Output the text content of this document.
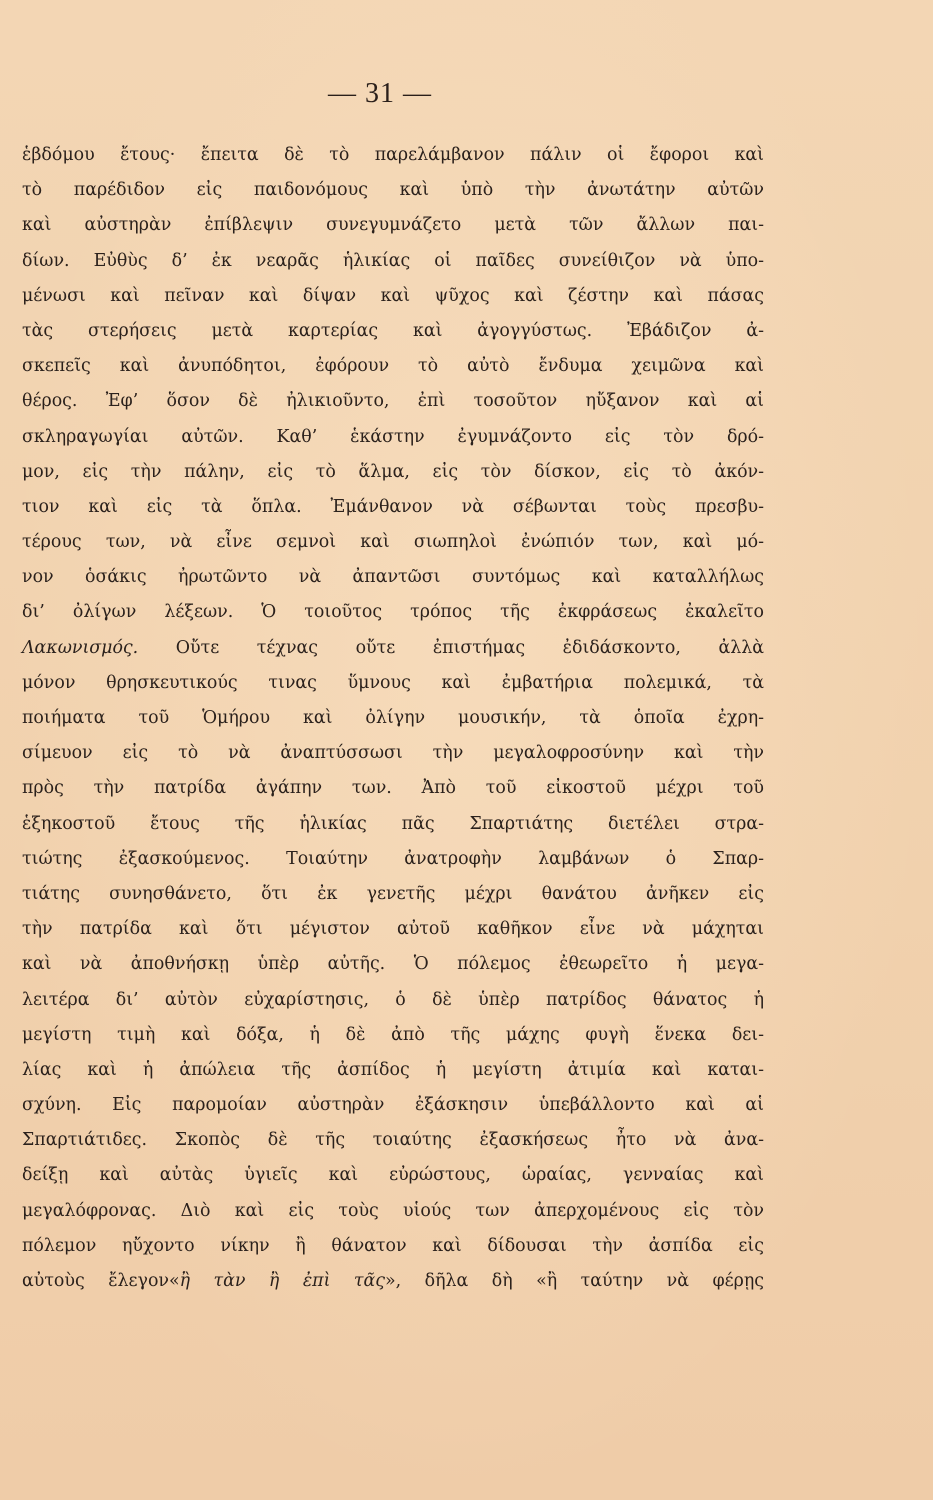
— 31 —
ἑβδόμου ἔτους· ἔπειτα δὲ τὸ παρελάμβανον πάλιν οἱ ἔφοροι καὶ
τὸ παρέδιδον εἰς παιδονόμους καὶ ὑπὸ τὴν ἀνωτάτην αὐτῶν
καὶ αὐστηρὰν ἐπίβλεψιν συνεγυμνάζετο μετὰ τῶν ἄλλων παι-
δίων. Εὐθὺς δ’ ἐκ νεαρᾶς ἡλικίας οἱ παῖδες συνείθιζον νὰ ὑπο-
μένωσι καὶ πεῖναν καὶ δίψαν καὶ ψῦχος καὶ ζέστην καὶ πάσας
τὰς στερήσεις μετὰ καρτερίας καὶ ἀγογγύστως. Ἐβάδιζον ἀ-
σκεπεῖς καὶ ἀνυπόδητοι, ἐφόρουν τὸ αὐτὸ ἔνδυμα χειμῶνα καὶ
θέρος. Ἐφ’ ὅσον δὲ ἠλικιοῦντο, ἐπὶ τοσοῦτον ηὔξανον καὶ αἱ
σκληραγωγίαι αὐτῶν. Καθ’ ἑκάστην ἐγυμνάζοντο εἰς τὸν δρό-
μον, εἰς τὴν πάλην, εἰς τὸ ἅλμα, εἰς τὸν δίσκον, εἰς τὸ ἀκόν-
τιον καὶ εἰς τὰ ὅπλα. Ἐμάνθανον νὰ σέβωνται τοὺς πρεσβυ-
τέρους των, νὰ εἶνε σεμνοὶ καὶ σιωπηλοὶ ἐνώπιόν των, καὶ μό-
νον ὁσάκις ἠρωτῶντο νὰ ἀπαντῶσι συντόμως καὶ καταλλήλως
δι’ ὀλίγων λέξεων. Ὁ τοιοῦτος τρόπος τῆς ἐκφράσεως ἐκαλεῖτο
Λακωνισμός. Οὔτε τέχνας οὔτε ἐπιστήμας ἐδιδάσκοντο, ἀλλὰ
μόνον θρησκευτικούς τινας ὕμνους καὶ ἐμβατήρια πολεμικά, τὰ
ποιήματα τοῦ Ὁμήρου καὶ ὀλίγην μουσικήν, τὰ ὁποῖα ἐχρη-
σίμευον εἰς τὸ νὰ ἀναπτύσσωσι τὴν μεγαλοφροσύνην καὶ τὴν
πρὸς τὴν πατρίδα ἀγάπην των. Ἀπὸ τοῦ εἰκοστοῦ μέχρι τοῦ
ἑξηκοστοῦ ἔτους τῆς ἡλικίας πᾶς Σπαρτιάτης διετέλει στρα-
τιώτης ἐξασκούμενος. Τοιαύτην ἀνατροφὴν λαμβάνων ὁ Σπαρ-
τιάτης συνησθάνετο, ὅτι ἐκ γενετῆς μέχρι θανάτου ἀνῆκεν εἰς
τὴν πατρίδα καὶ ὅτι μέγιστον αὐτοῦ καθῆκον εἶνε νὰ μάχηται
καὶ νὰ ἀποθνήσκῃ ὑπὲρ αὐτῆς. Ὁ πόλεμος ἐθεωρεῖτο ἡ μεγα-
λειτέρα δι’ αὐτὸν εὐχαρίστησις, ὁ δὲ ὑπὲρ πατρίδος θάνατος ἡ
μεγίστη τιμὴ καὶ δόξα, ἡ δὲ ἀπὸ τῆς μάχης φυγὴ ἕνεκα δει-
λίας καὶ ἡ ἀπώλεια τῆς ἀσπίδος ἡ μεγίστη ἀτιμία καὶ καται-
σχύνη. Εἰς παρομοίαν αὐστηρὰν ἐξάσκησιν ὑπεβάλλοντο καὶ αἱ
Σπαρτιάτιδες. Σκοπὸς δὲ τῆς τοιαύτης ἐξασκήσεως ἦτο νὰ ἀνα-
δείξῃ καὶ αὐτὰς ὑγιεῖς καὶ εὐρώστους, ὡραίας, γενναίας καὶ
μεγαλόφρονας. Διὸ καὶ εἰς τοὺς υἱούς των ἀπερχομένους εἰς τὸν
πόλεμον ηὔχοντο νίκην ἢ θάνατον καὶ δίδουσαι τὴν ἀσπίδα εἰς
αὐτοὺς ἔλεγον«ἢ τὰν ἢ ἐπὶ τᾶς», δῆλα δὴ «ἢ ταύτην νὰ φέρῃς
